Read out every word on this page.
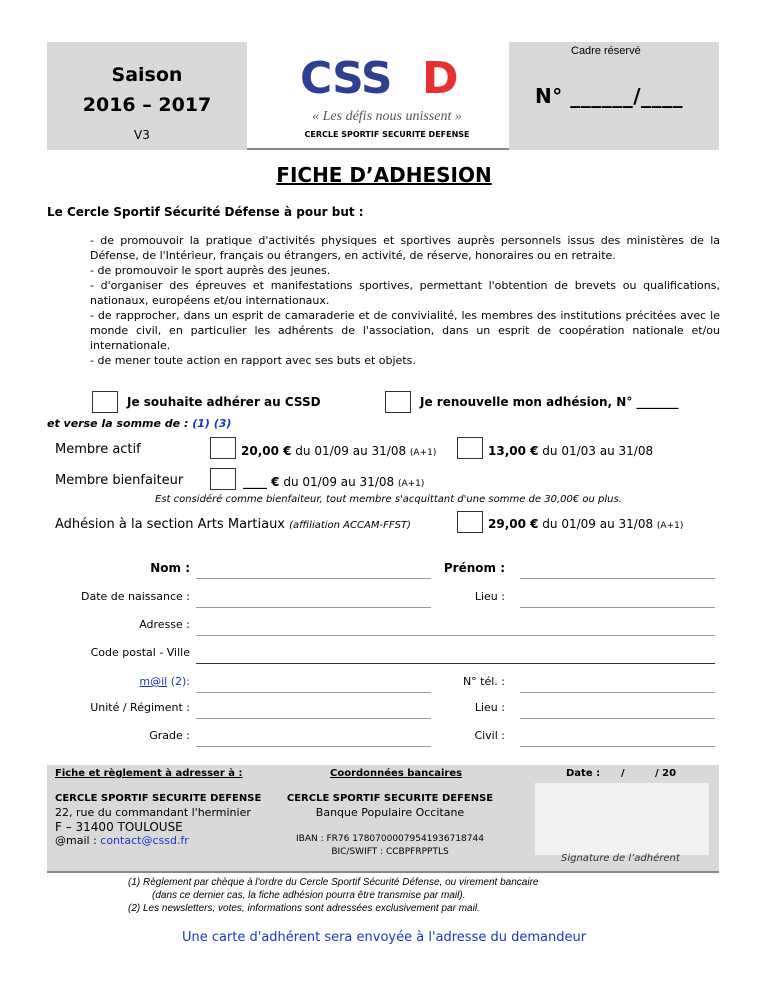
Saison
2016 – 2017
V3
CSS D
« Les défis nous unissent »
CERCLE SPORTIF SECURITE DEFENSE
Cadre réservé
N° ______/____
FICHE D’ADHESION
Le Cercle Sportif Sécurité Défense à pour but :

- de promouvoir la pratique d'activités physiques et sportives auprès personnels issus des ministères de la Défense, de l'Intérieur, français ou étrangers, en activité, de réserve, honoraires ou en retraite.

- de promouvoir le sport auprès des jeunes.

- d'organiser des épreuves et manifestations sportives, permettant l'obtention de brevets ou qualifications, nationaux, européens et/ou internationaux.

- de rapprocher, dans un esprit de camaraderie et de convivialité, les membres des institutions précitées avec le monde civil, en particulier les adhérents de l'association, dans un esprit de coopération nationale et/ou internationale.

- de mener toute action en rapport avec ses buts et objets.

Je souhaite adhérer au CSSD	Je renouvelle mon adhésion, N° _______
et verse la somme de : (1) (3)
Membre actif	20,00 € du 01/09 au 31/08 (A+1)	13,00 € du 01/03 au 31/08
Membre bienfaiteur	____ € du 01/09 au 31/08 (A+1)
Est considéré comme bienfaiteur, tout membre s'acquittant d'une somme de 30,00€ ou plus.
Adhésion à la section Arts Martiaux (affiliation ACCAM-FFST)	29,00 € du 01/09 au 31/08 (A+1)
Nom :	Prénom :
Date de naissance :	Lieu :
Adresse :
Code postal - Ville
m@il (2):	N° tél. :
Unité / Régiment :	Lieu :
Grade :	Civil :
Fiche et règlement à adresser à :
CERCLE SPORTIF SECURITE DEFENSE
22, rue du commandant l'herminier
F – 31400 TOULOUSE
@mail : contact@cssd.fr
Coordonnées bancaires
CERCLE SPORTIF SECURITE DEFENSE
Banque Populaire Occitane
IBAN : FR76 17807000079541936718744
BIC/SWIFT : CCBPFRPPTLS
Date : /	/ 20
Signature de l’adhérent
(1) Règlement par chèque à l'ordre du Cercle Sportif Sécurité Défense, ou virement bancaire
(dans ce dernier cas, la fiche adhésion pourra être transmise par mail).
(2) Les newsletters, votes, informations sont adressées exclusivement par mail.
Une carte d'adhérent sera envoyée à l'adresse du demandeur
